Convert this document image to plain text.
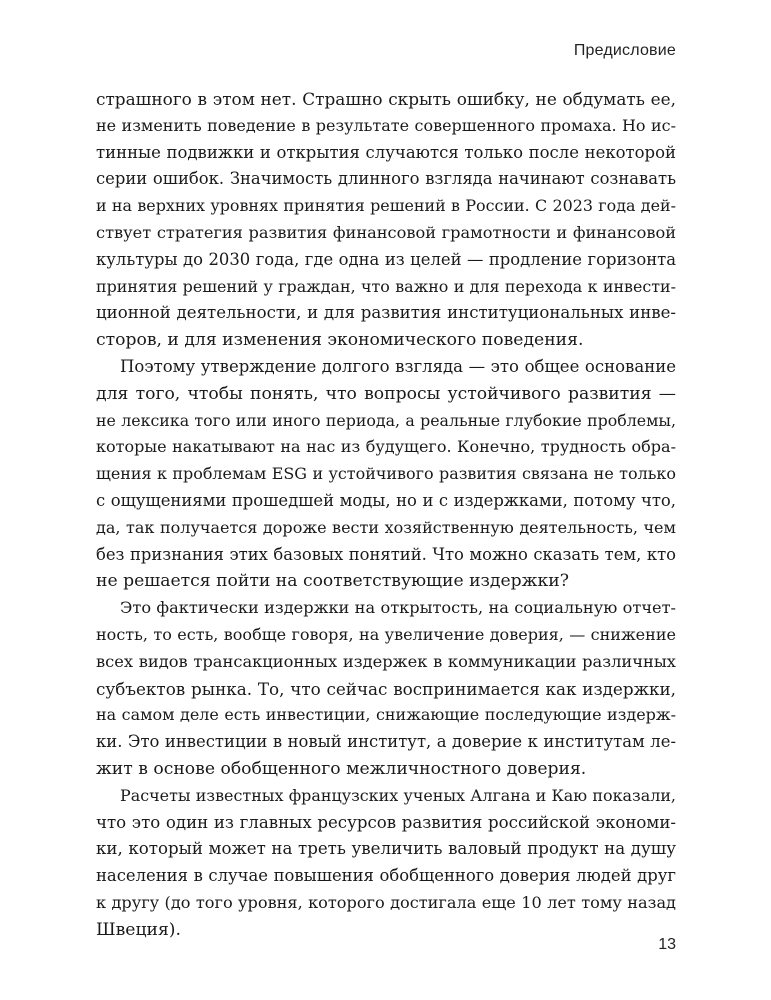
Предисловие
страшного в этом нет. Страшно скрыть ошибку, не обдумать ее,
не изменить поведение в результате совершенного промаха. Но ис-
тинные подвижки и открытия случаются только после некоторой
серии ошибок. Значимость длинного взгляда начинают сознавать
и на верхних уровнях принятия решений в России. С 2023 года дей-
ствует стратегия развития финансовой грамотности и финансовой
культуры до 2030 года, где одна из целей — продление горизонта
принятия решений у граждан, что важно и для перехода к инвести-
ционной деятельности, и для развития институциональных инве-
сторов, и для изменения экономического поведения.
Поэтому утверждение долгого взгляда — это общее основание
для того, чтобы понять, что вопросы устойчивого развития —
не лексика того или иного периода, а реальные глубокие проблемы,
которые накатывают на нас из будущего. Конечно, трудность обра-
щения к проблемам ESG и устойчивого развития связана не только
с ощущениями прошедшей моды, но и с издержками, потому что,
да, так получается дороже вести хозяйственную деятельность, чем
без признания этих базовых понятий. Что можно сказать тем, кто
не решается пойти на соответствующие издержки?
Это фактически издержки на открытость, на социальную отчет-
ность, то есть, вообще говоря, на увеличение доверия, — снижение
всех видов трансакционных издержек в коммуникации различных
субъектов рынка. То, что сейчас воспринимается как издержки,
на самом деле есть инвестиции, снижающие последующие издерж-
ки. Это инвестиции в новый институт, а доверие к институтам ле-
жит в основе обобщенного межличностного доверия.
Расчеты известных французских ученых Алгана и Каю показали,
что это один из главных ресурсов развития российской экономи-
ки, который может на треть увеличить валовый продукт на душу
населения в случае повышения обобщенного доверия людей друг
к другу (до того уровня, которого достигала еще 10 лет тому назад
Швеция).
13
